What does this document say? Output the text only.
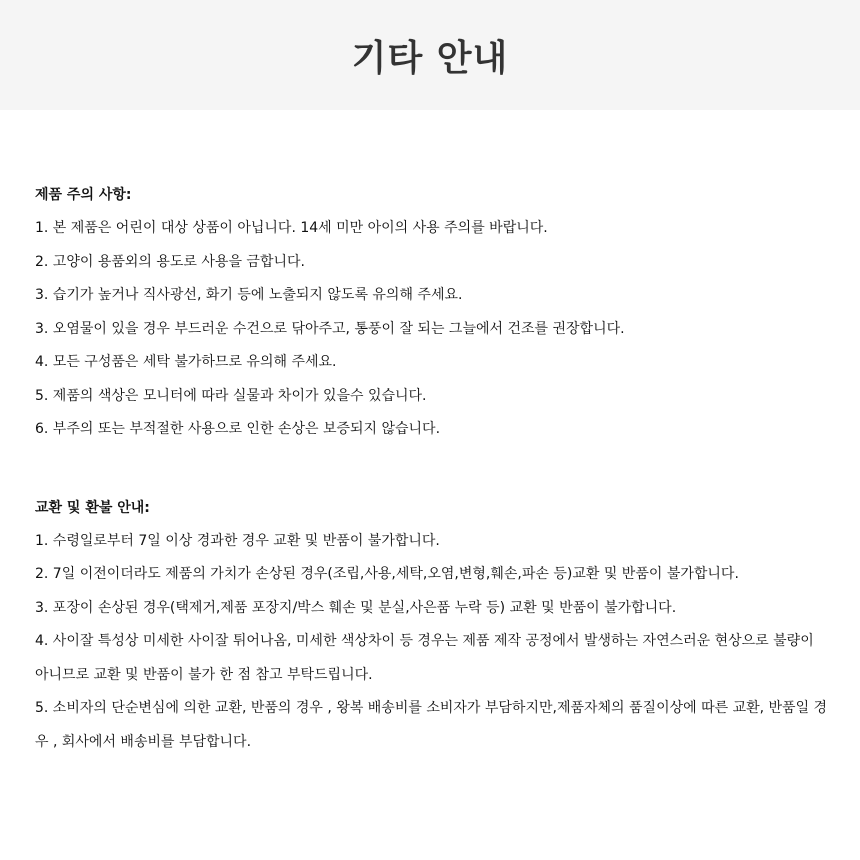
기타 안내

제품 주의 사항:

1. 본 제품은 어린이 대상 상품이 아닙니다. 14세 미만 아이의 사용 주의를 바랍니다.
2. 고양이 용품외의 용도로 사용을 금합니다.
3. 습기가 높거나 직사광선, 화기 등에 노출되지 않도록 유의해 주세요.
3. 오염물이 있을 경우 부드러운 수건으로 닦아주고, 통풍이 잘 되는 그늘에서 건조를 권장합니다.
4. 모든 구성품은 세탁 불가하므로 유의해 주세요.
5. 제품의 색상은 모니터에 따라 실물과 차이가 있을수 있습니다.
6. 부주의 또는 부적절한 사용으로 인한 손상은 보증되지 않습니다.

교환 및 환불 안내:

1. 수령일로부터 7일 이상 경과한 경우 교환 및 반품이 불가합니다.
2. 7일 이전이더라도 제품의 가치가 손상된 경우(조립,사용,세탁,오염,변형,훼손,파손 등)교환 및 반품이 불가합니다.
3. 포장이 손상된 경우(택제거,제품 포장지/박스 훼손 및 분실,사은품 누락 등) 교환 및 반품이 불가합니다.
4. 사이잘 특성상 미세한 사이잘 튀어나옴, 미세한 색상차이 등 경우는 제품 제작 공정에서 발생하는 자연스러운 현상으로 불량이 아니므로 교환 및 반품이 불가 한 점 참고 부탁드립니다.
5. 소비자의 단순변심에 의한 교환, 반품의 경우 , 왕복 배송비를 소비자가 부담하지만,제품자체의 품질이상에 따른 교환, 반품일 경우 , 회사에서 배송비를 부담합니다.
